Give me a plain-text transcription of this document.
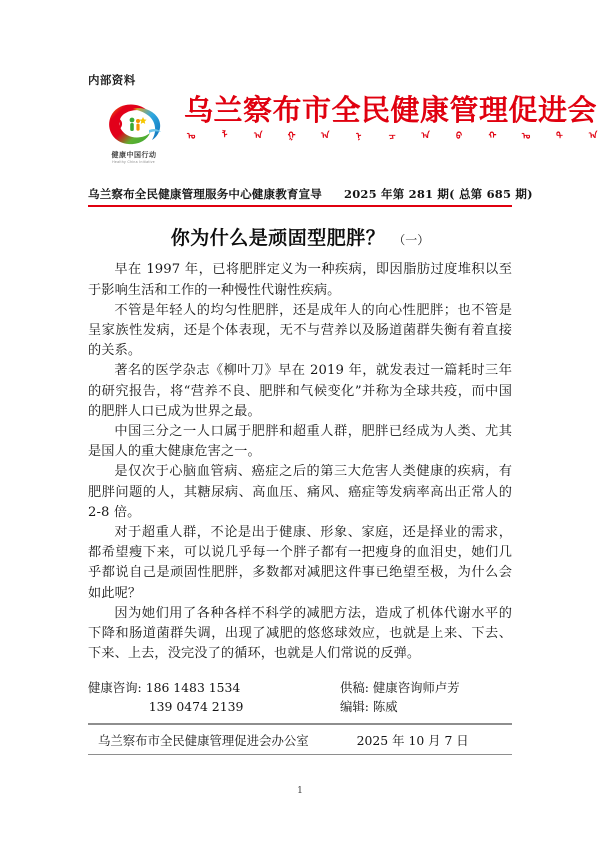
内部资料
健康中国行动
Healthy China Initiative
乌兰察布市全民健康管理促进会
ᠤ	ᠯ	ᠠ	ᠭ	ᠠ	ᠨ	ᠴ	ᠠ	ᠪ	ᠬ	ᠣ	ᠲ	ᠠ
乌兰察布全民健康管理服务中心健康教育宣导 2025 年第 281 期( 总第 685 期)
你为什么是顽固型肥胖？ （一）

早在 1997 年，已将肥胖定义为一种疾病，即因脂肪过度堆积以至于影响生活和工作的一种慢性代谢性疾病。

不管是年轻人的均匀性肥胖，还是成年人的向心性肥胖；也不管是呈家族性发病，还是个体表现，无不与营养以及肠道菌群失衡有着直接的关系。

著名的医学杂志《柳叶刀》早在 2019 年，就发表过一篇耗时三年的研究报告，将“营养不良、肥胖和气候变化”并称为全球共疫，而中国的肥胖人口已成为世界之最。

中国三分之一人口属于肥胖和超重人群，肥胖已经成为人类、尤其是国人的重大健康危害之一。

是仅次于心脑血管病、癌症之后的第三大危害人类健康的疾病，有肥胖问题的人，其糖尿病、高血压、痛风、癌症等发病率高出正常人的 2-8 倍。

对于超重人群，不论是出于健康、形象、家庭，还是择业的需求，都希望瘦下来，可以说几乎每一个胖子都有一把瘦身的血泪史，她们几乎都说自己是顽固性肥胖，多数都对减肥这件事已绝望至极，为什么会如此呢？

因为她们用了各种各样不科学的减肥方法，造成了机体代谢水平的下降和肠道菌群失调，出现了减肥的悠悠球效应，也就是上来、下去、下来、上去，没完没了的循环，也就是人们常说的反弹。

健康咨询: 186 1483 1534
139 0474 2139
供稿: 健康咨询师卢芳
编辑: 陈威
乌兰察布市全民健康管理促进会办公室	2025 年 10 月 7 日
1
